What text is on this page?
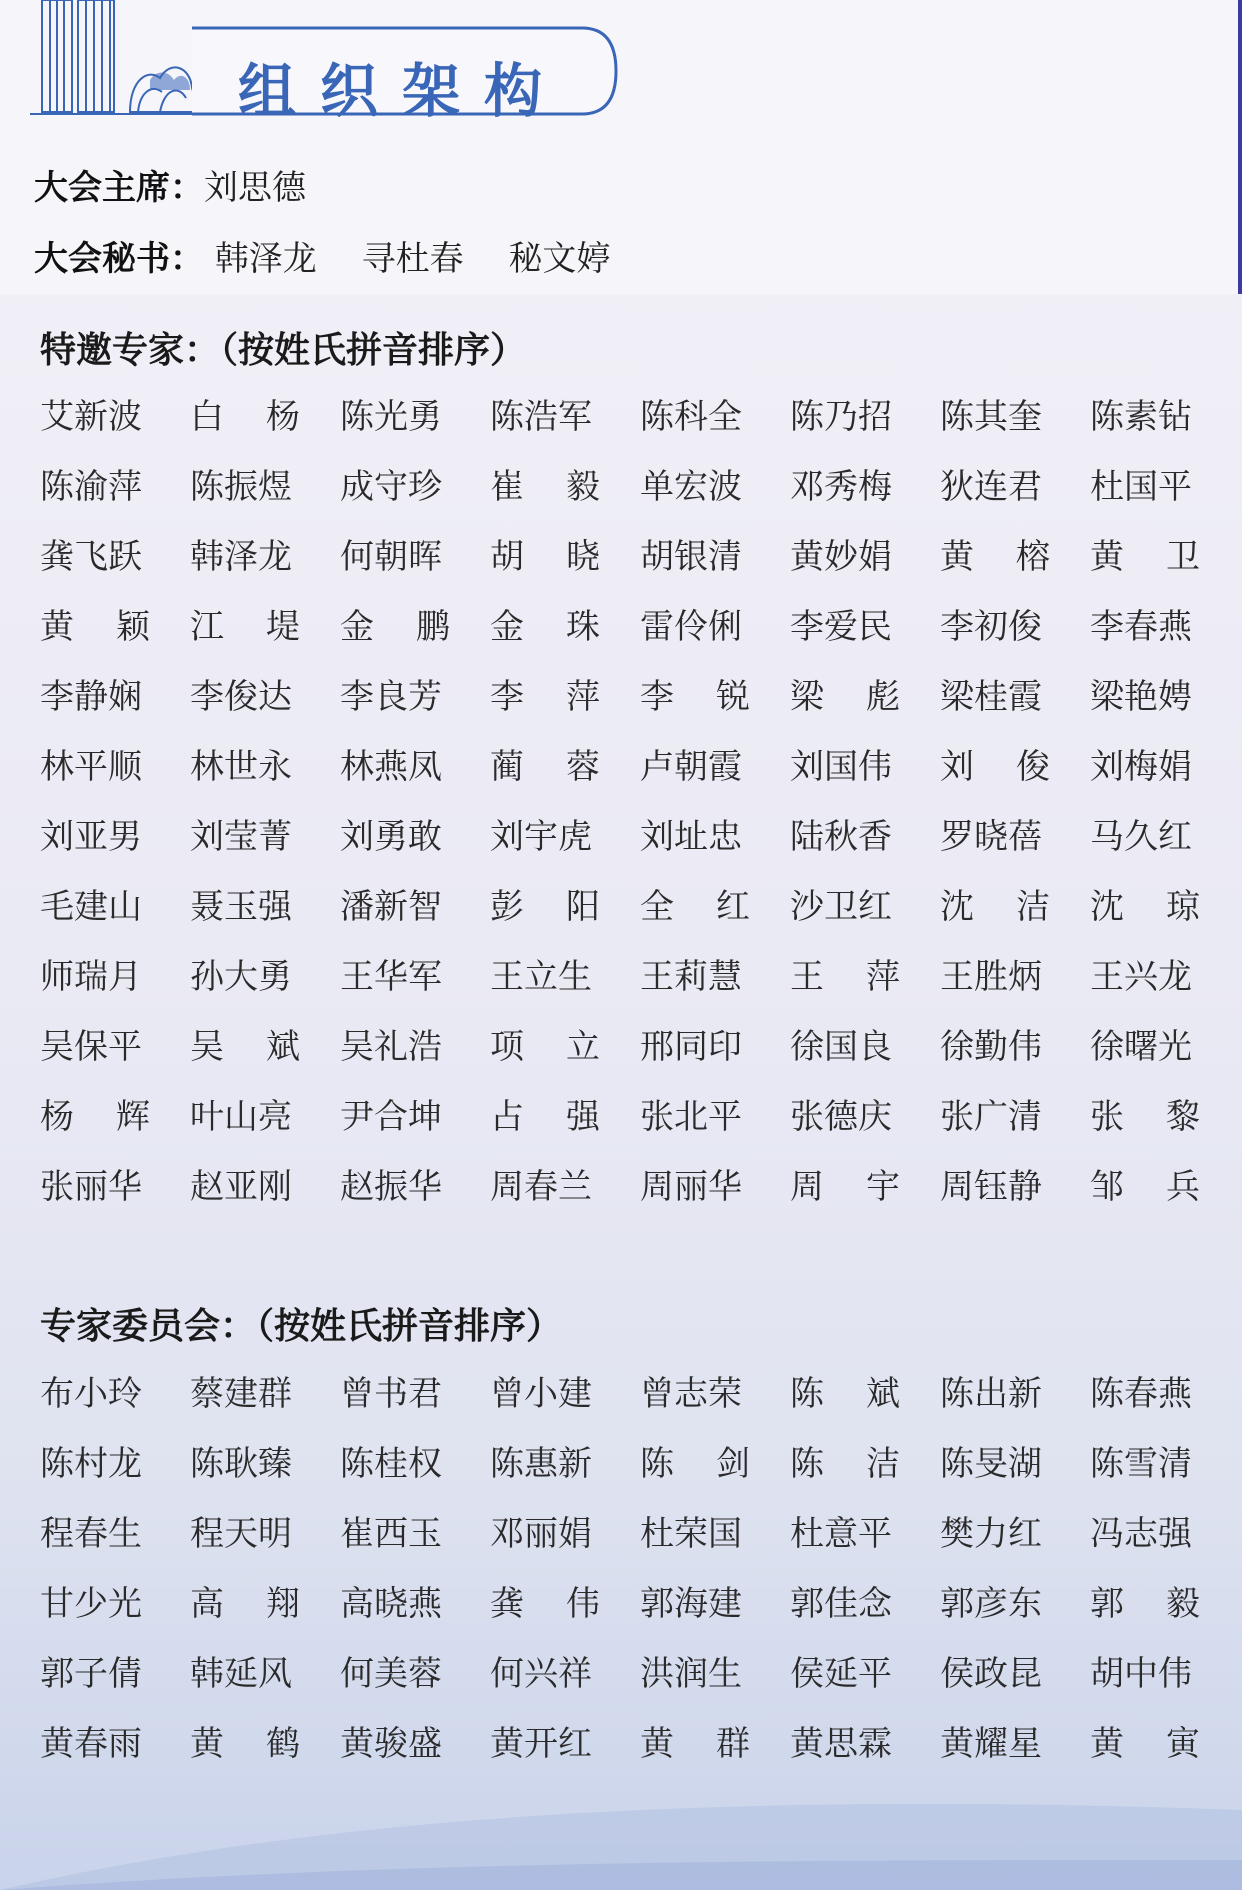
组织架构
大会主席：刘思德
大会秘书： 韩泽龙 寻杜春 秘文婷
特邀专家：（按姓氏拼音排序）
艾新波 白 杨 陈光勇 陈浩军 陈科全 陈乃招 陈其奎 陈素钻
陈渝萍 陈振煜 成守珍 崔 毅 单宏波 邓秀梅 狄连君 杜国平
龚飞跃 韩泽龙 何朝晖 胡 晓 胡银清 黄妙娟 黄 榕 黄 卫
黄 颖 江 堤 金 鹏 金 珠 雷伶俐 李爱民 李初俊 李春燕
李静娴 李俊达 李良芳 李 萍 李 锐 梁 彪 梁桂霞 梁艳娉
林平顺 林世永 林燕凤 蔺 蓉 卢朝霞 刘国伟 刘 俊 刘梅娟
刘亚男 刘莹菁 刘勇敢 刘宇虎 刘址忠 陆秋香 罗晓蓓 马久红
毛建山 聂玉强 潘新智 彭 阳 全 红 沙卫红 沈 洁 沈 琼
师瑞月 孙大勇 王华军 王立生 王莉慧 王 萍 王胜炳 王兴龙
吴保平 吴 斌 吴礼浩 项 立 邢同印 徐国良 徐勤伟 徐曙光
杨 辉 叶山亮 尹合坤 占 强 张北平 张德庆 张广清 张 黎
张丽华 赵亚刚 赵振华 周春兰 周丽华 周 宇 周钰静 邹 兵
专家委员会：（按姓氏拼音排序）
布小玲 蔡建群 曾书君 曾小建 曾志荣 陈 斌 陈出新 陈春燕
陈村龙 陈耿臻 陈桂权 陈惠新 陈 剑 陈 洁 陈旻湖 陈雪清
程春生 程天明 崔西玉 邓丽娟 杜荣国 杜意平 樊力红 冯志强
甘少光 高 翔 高晓燕 龚 伟 郭海建 郭佳念 郭彦东 郭 毅
郭子倩 韩延风 何美蓉 何兴祥 洪润生 侯延平 侯政昆 胡中伟
黄春雨 黄 鹤 黄骏盛 黄开红 黄 群 黄思霖 黄耀星 黄 寅
